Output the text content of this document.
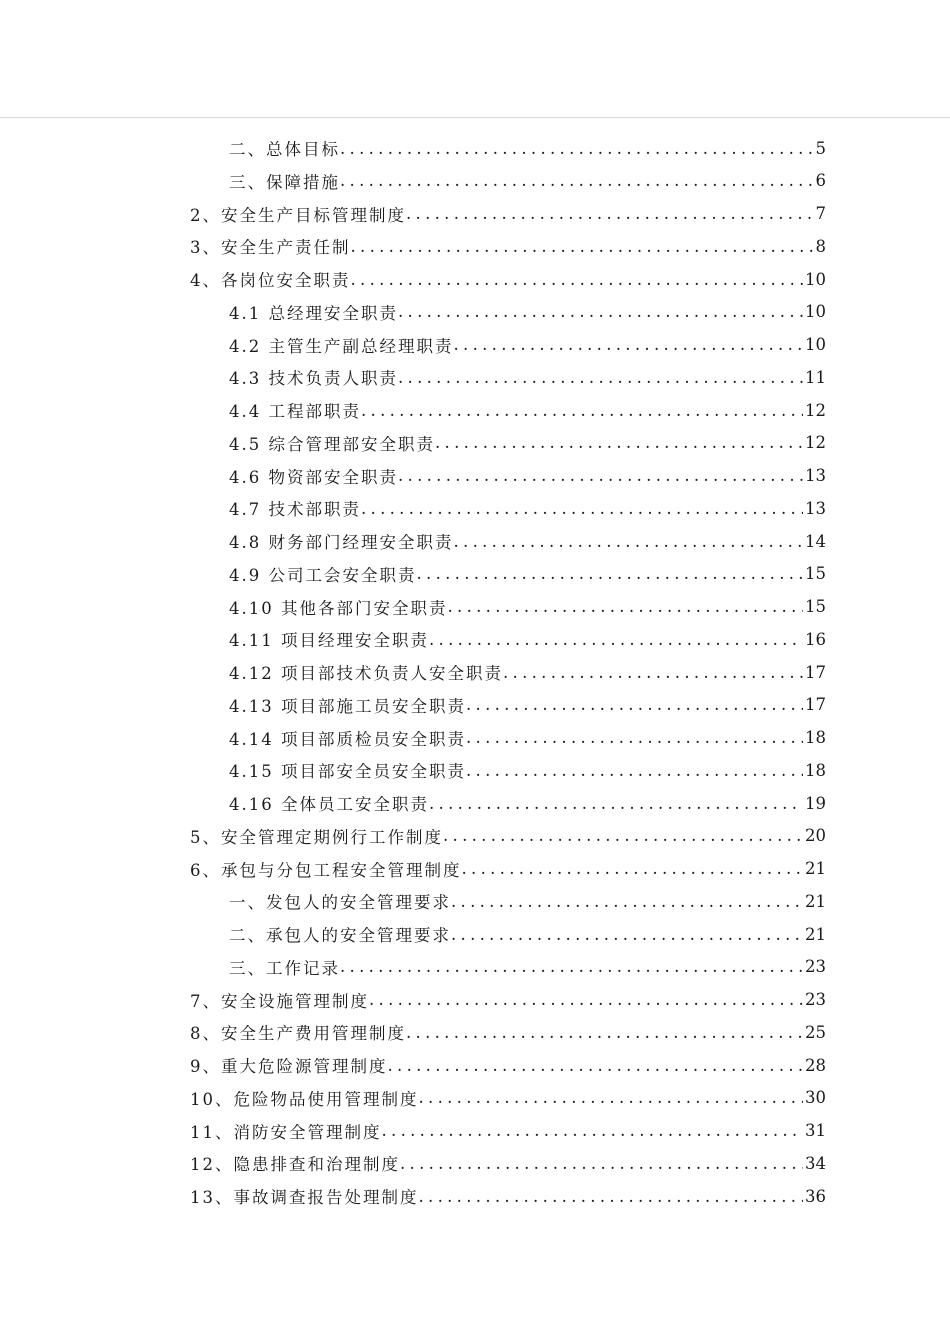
二、总体目标 .....	5
三、保障措施 .....	6
2、安全生产目标管理制度 .....	7
3、安全生产责任制 .....	8
4、各岗位安全职责 .....	10
4.1 总经理安全职责 .....	10
4.2 主管生产副总经理职责 .....	10
4.3 技术负责人职责 .....	11
4.4 工程部职责 .....	12
4.5 综合管理部安全职责 .....	12
4.6 物资部安全职责 .....	13
4.7 技术部职责 .....	13
4.8 财务部门经理安全职责 .....	14
4.9 公司工会安全职责 .....	15
4.10 其他各部门安全职责 .....	15
4.11 项目经理安全职责 .....	16
4.12 项目部技术负责人安全职责 .....	17
4.13 项目部施工员安全职责 .....	17
4.14 项目部质检员安全职责 .....	18
4.15 项目部安全员安全职责 .....	18
4.16 全体员工安全职责 .....	19
5、安全管理定期例行工作制度 .....	20
6、承包与分包工程安全管理制度 .....	21
一、发包人的安全管理要求 .....	21
二、承包人的安全管理要求 .....	21
三、工作记录 .....	23
7、安全设施管理制度 .....	23
8、安全生产费用管理制度 .....	25
9、重大危险源管理制度 .....	28
10、危险物品使用管理制度 .....	30
11、消防安全管理制度 .....	31
12、隐患排查和治理制度 .....	34
13、事故调查报告处理制度 .....	36
